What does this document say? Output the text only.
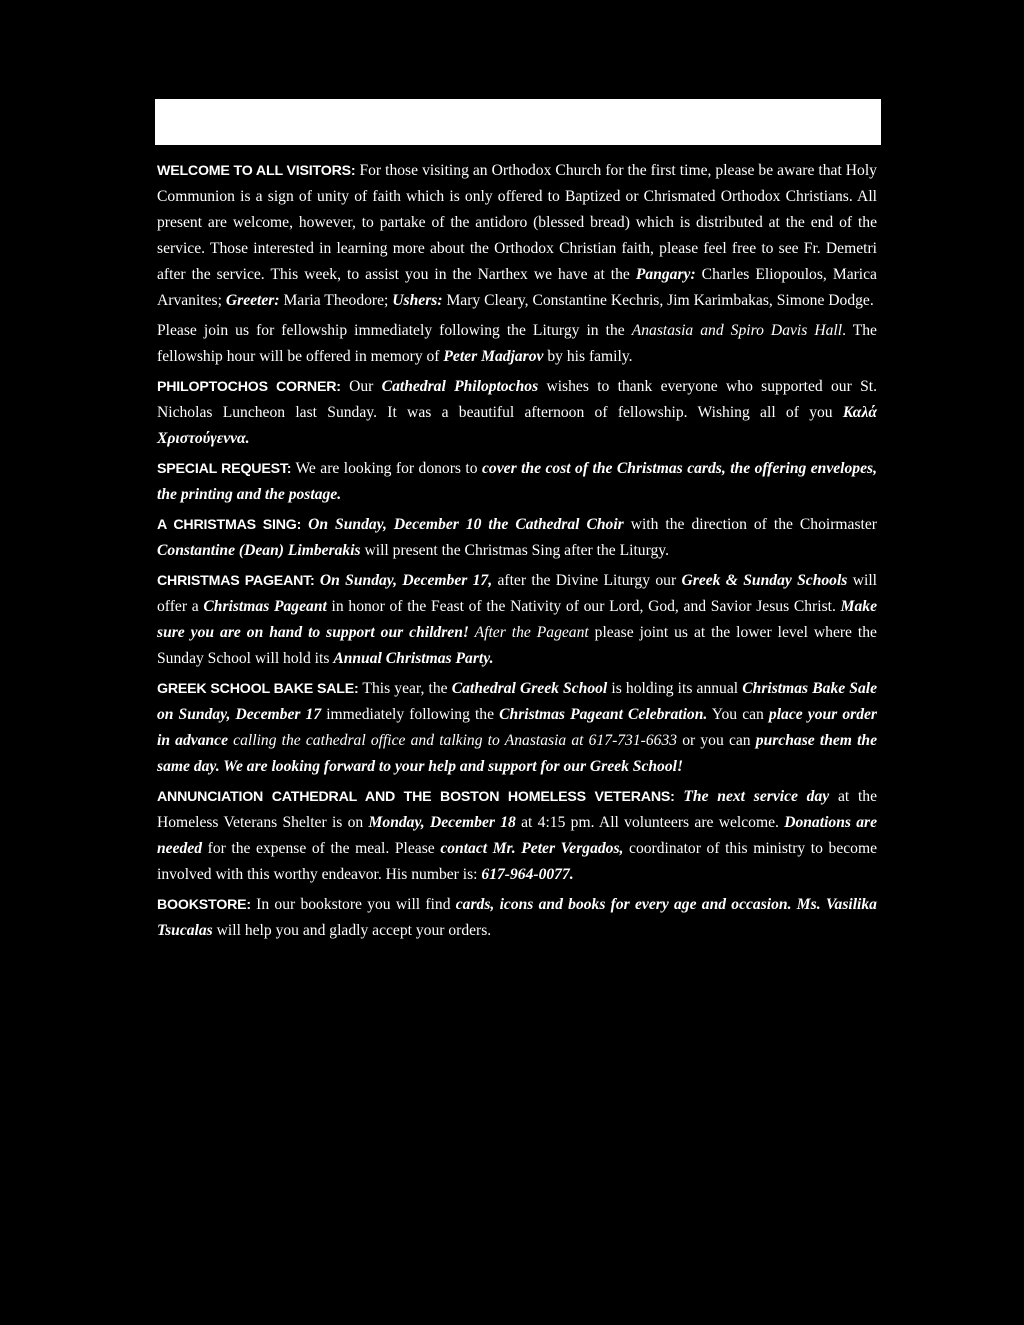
WELCOME TO ALL VISITORS: For those visiting an Orthodox Church for the first time, please be aware that Holy Communion is a sign of unity of faith which is only offered to Baptized or Chrismated Orthodox Christians. All present are welcome, however, to partake of the antidoro (blessed bread) which is distributed at the end of the service. Those interested in learning more about the Orthodox Christian faith, please feel free to see Fr. Demetri after the service. This week, to assist you in the Narthex we have at the Pangary: Charles Eliopoulos, Marica Arvanites; Greeter: Maria Theodore; Ushers: Mary Cleary, Constantine Kechris, Jim Karimbakas, Simone Dodge.

Please join us for fellowship immediately following the Liturgy in the Anastasia and Spiro Davis Hall. The fellowship hour will be offered in memory of Peter Madjarov by his family.

PHILOPTOCHOS CORNER: Our Cathedral Philoptochos wishes to thank everyone who supported our St. Nicholas Luncheon last Sunday. It was a beautiful afternoon of fellowship. Wishing all of you Καλά Χριστούγεννα.

SPECIAL REQUEST: We are looking for donors to cover the cost of the Christmas cards, the offering envelopes, the printing and the postage.

A CHRISTMAS SING: On Sunday, December 10 the Cathedral Choir with the direction of the Choirmaster Constantine (Dean) Limberakis will present the Christmas Sing after the Liturgy.

CHRISTMAS PAGEANT: On Sunday, December 17, after the Divine Liturgy our Greek & Sunday Schools will offer a Christmas Pageant in honor of the Feast of the Nativity of our Lord, God, and Savior Jesus Christ. Make sure you are on hand to support our children! After the Pageant please joint us at the lower level where the Sunday School will hold its Annual Christmas Party.

GREEK SCHOOL BAKE SALE: This year, the Cathedral Greek School is holding its annual Christmas Bake Sale on Sunday, December 17 immediately following the Christmas Pageant Celebration. You can place your order in advance calling the cathedral office and talking to Anastasia at 617-731-6633 or you can purchase them the same day. We are looking forward to your help and support for our Greek School!

ANNUNCIATION CATHEDRAL AND THE BOSTON HOMELESS VETERANS: The next service day at the Homeless Veterans Shelter is on Monday, December 18 at 4:15 pm. All volunteers are welcome. Donations are needed for the expense of the meal. Please contact Mr. Peter Vergados, coordinator of this ministry to become involved with this worthy endeavor. His number is: 617-964-0077.

BOOKSTORE: In our bookstore you will find cards, icons and books for every age and occasion. Ms. Vasilika Tsucalas will help you and gladly accept your orders.
